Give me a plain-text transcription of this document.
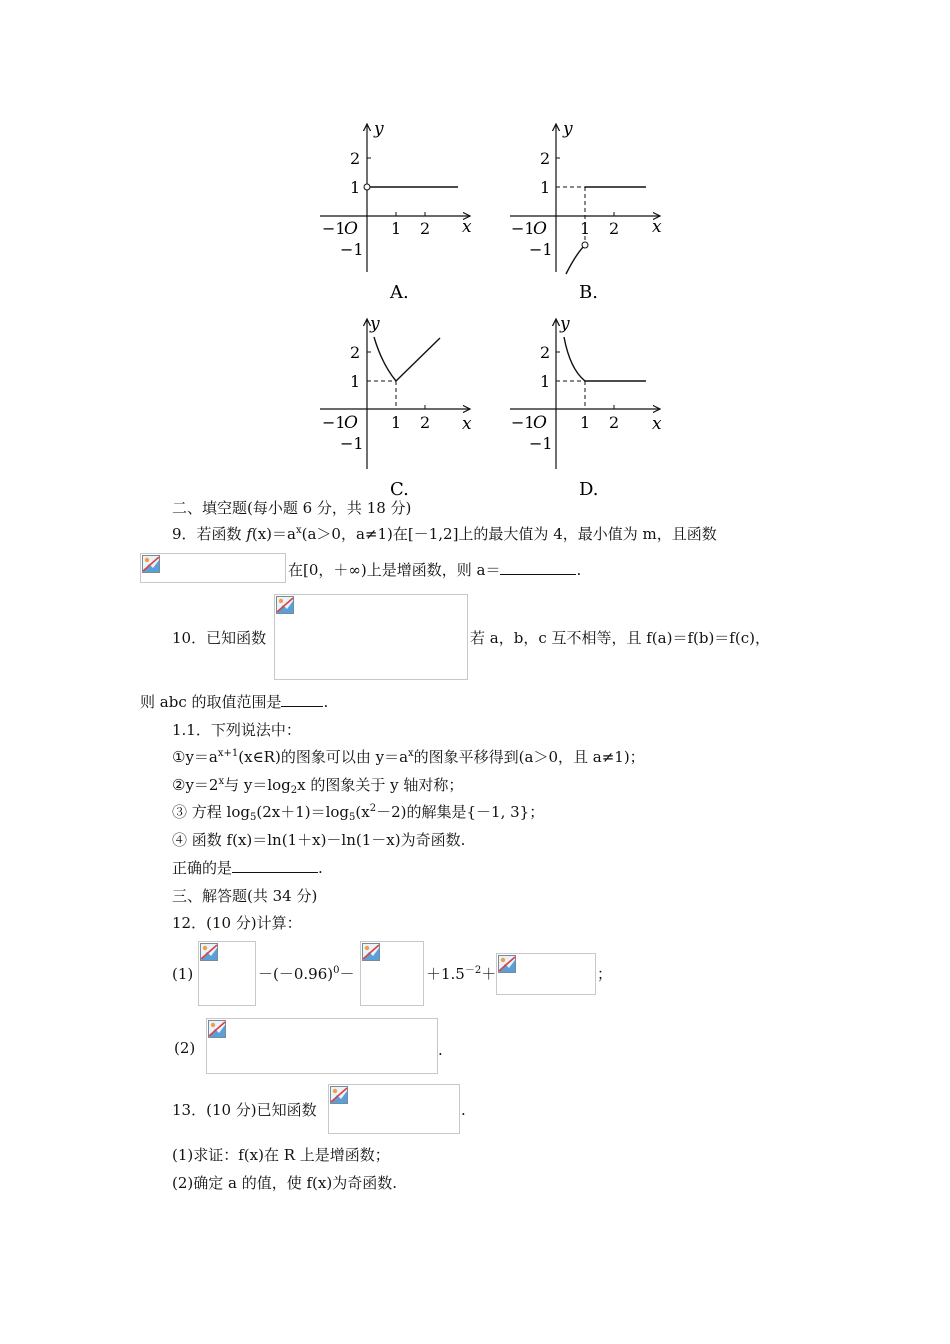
y
x
O
−1	1 2
2
1
−1
A.
y
x
O
−1	1 2
2
1
−1
B.
y
x
O
−1	1 2
2
1
−1
C.
y
x
O
−1	1 2
2
1
−1
D.
二、填空题(每小题 6 分，共 18 分)
9．若函数 $f(x)=a^x(a>0$，a≠1)在[－1,2]上的最大值为 4，最小值为 m，且函数
在[0，＋∞)上是增函数，则 a＝	.
10．已知函数	若 a，b，c 互不相等，且 f(a)＝f(b)＝f(c)，
则 abc 的取值范围是	.
1.1．下列说法中：
$①y=a^{x+1}(x\in R)$的图象可以由 $y=a^x$的图象平移得到(a＞0，且 a≠1)；
$②y=2^x$与 $y=\log_2x$ 的图象关于 y 轴对称；
③ 方程 $\log_5(2x+1)=\log_5(x^2-2)$的解集是{－1, 3}；
④ 函数 f(x)＝ln(1＋x)－ln(1－x)为奇函数.
正确的是	.
三、解答题(共 34 分)
12．(10 分)计算：
(1)	$-(-0.96)^0-$	$+1.5^{-2}+$	；
(2)	.
13．(10 分)已知函数	.
(1)求证：f(x)在 R 上是增函数；
(2)确定 a 的值，使 f(x)为奇函数.
